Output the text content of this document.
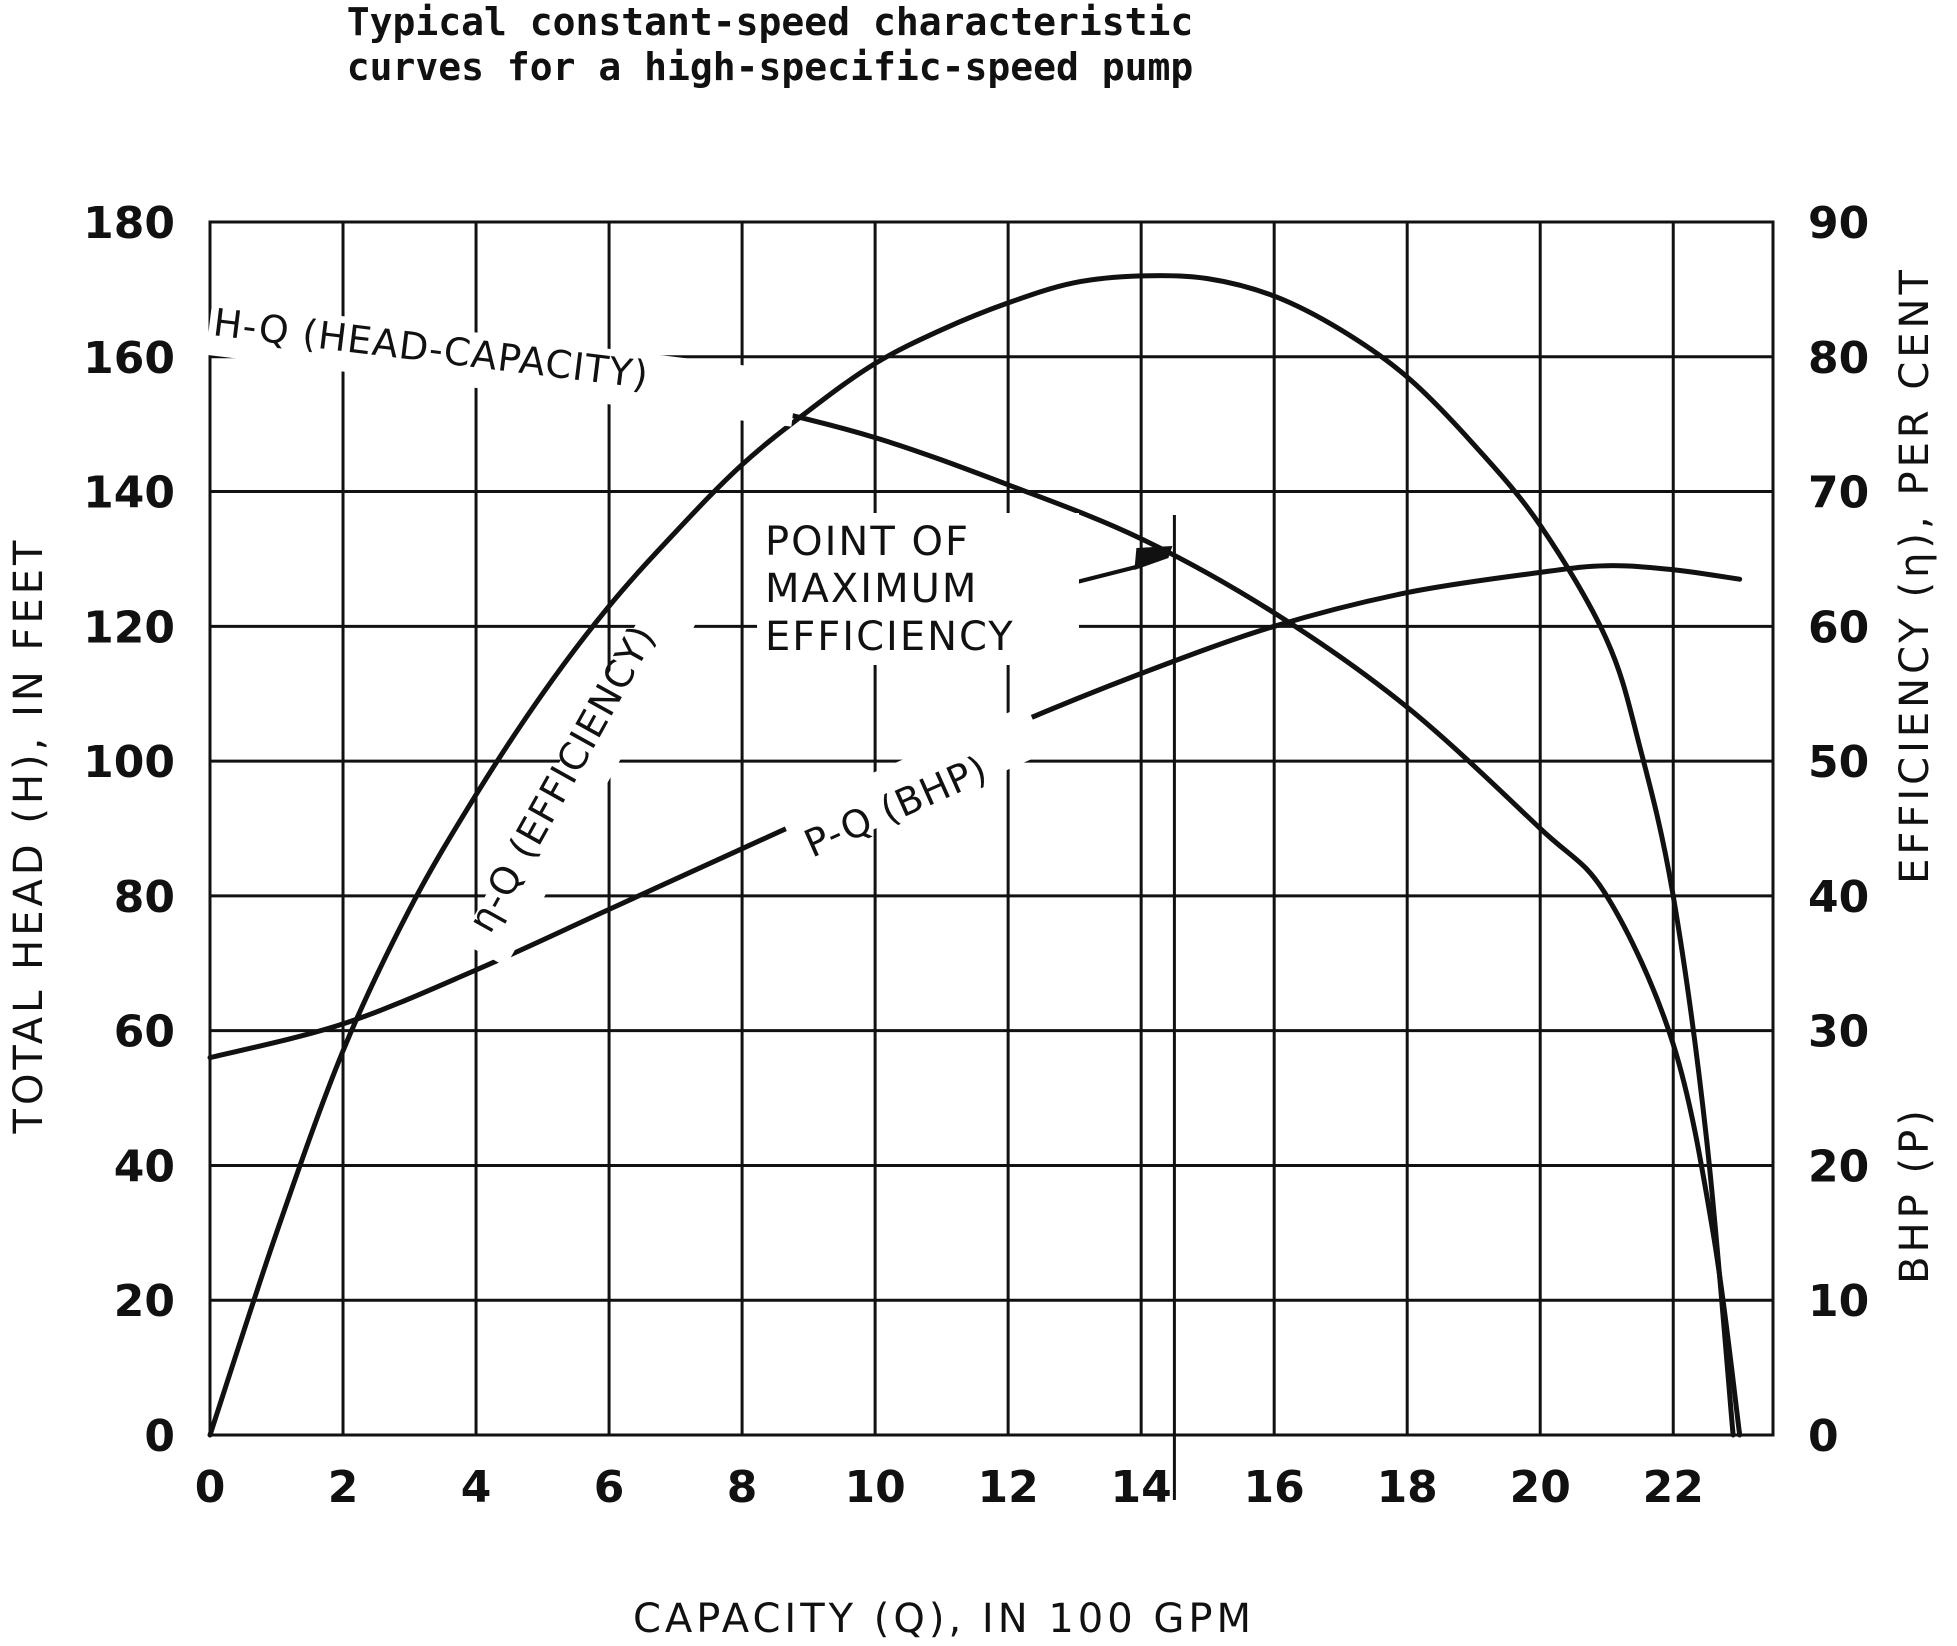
Typical constant-speed characteristic
curves for a high-specific-speed pump
0 2 4 6 8 10 12 14 16 18 20 22
0
20
40
60
80
100
120
140
160
180
0
10
20
30
40
50
60
70
80
90
H-Q (HEAD-CAPACITY)
η-Q (EFFICIENCY)	P-Q (BHP)
POINT OF
MAXIMUM
EFFICIENCY
CAPACITY (Q), IN 100 GPM
TOTAL HEAD (H), IN FEET	EFFICIENCY (η), PER CENT
BHP (P)
